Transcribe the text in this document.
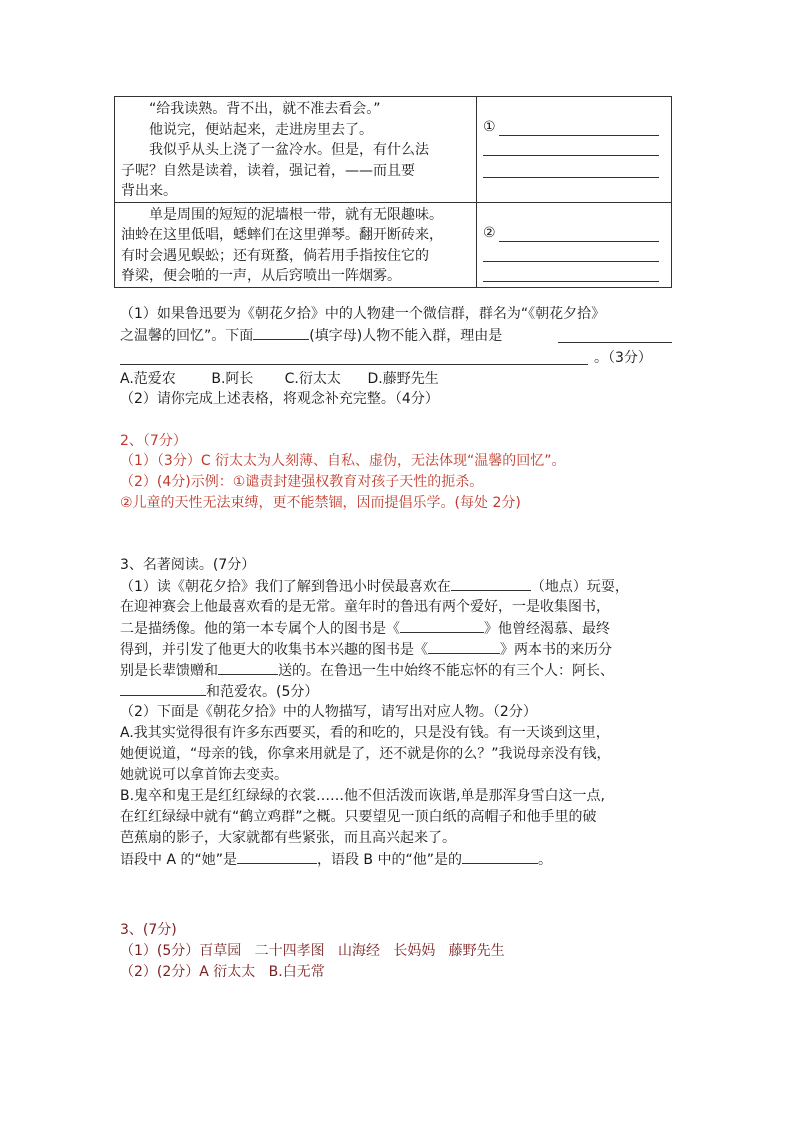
“给我读熟。背不出，就不准去看会。”

他说完，便站起来，走进房里去了。

我似乎从头上浇了一盆冷水。但是，有什么法

子呢？自然是读着，读着，强记着，——而且要

背出来。	①

单是周围的短短的泥墙根一带，就有无限趣味。

油蛉在这里低唱，蟋蟀们在这里弹琴。翻开断砖来，

有时会遇见蜈蚣；还有斑蝥，倘若用手指按住它的

脊梁，便会啪的一声，从后窍喷出一阵烟雾。	②

（1）如果鲁迅要为《朝花夕拾》中的人物建一个微信群，群名为“《朝花夕拾》

之温馨的回忆”。下面	(填字母)人物不能入群，理由是

。（3分）

A.范爱农        B.阿长       C.衍太太      D.藤野先生

（2）请你完成上述表格，将观念补充完整。（4分）

2、（7分）

（1）（3分）C 衍太太为人刻薄、自私、虚伪，无法体现“温馨的回忆”。

（2）(4分)示例：①谴责封建强权教育对孩子天性的扼杀。

②儿童的天性无法束缚，更不能禁锢，因而提倡乐学。(每处 2分)

3、名著阅读。(7分）

（1）读《朝花夕拾》我们了解到鲁迅小时侯最喜欢在	（地点）玩耍，

在迎神赛会上他最喜欢看的是无常。童年时的鲁迅有两个爱好，一是收集图书，

二是描绣像。他的第一本专属个人的图书是《	》他曾经渴慕、最终

得到，并引发了他更大的收集书本兴趣的图书是《	》两本书的来历分

别是长辈馈赠和	送的。在鲁迅一生中始终不能忘怀的有三个人：阿长、

和范爱农。(5分）

（2）下面是《朝花夕拾》中的人物描写，请写出对应人物。（2分）

A.我其实觉得很有许多东西要买，看的和吃的，只是没有钱。有一天谈到这里，

她便说道，“母亲的钱，你拿来用就是了，还不就是你的么？”我说母亲没有钱，

她就说可以拿首饰去变卖。

B.鬼卒和鬼王是红红绿绿的衣裳……他不但活泼而诙谐,单是那浑身雪白这一点,

在红红绿绿中就有“鹤立鸡群”之概。只要望见一顶白纸的高帽子和他手里的破

芭蕉扇的影子，大家就都有些紧张，而且高兴起来了。

语段中 A 的“她”是	，语段 B 中的“他”是的	。

3、(7分)

（1）(5分）百草园   二十四孝图   山海经   长妈妈   藤野先生

（2）(2分）A 衍太太   B.白无常
